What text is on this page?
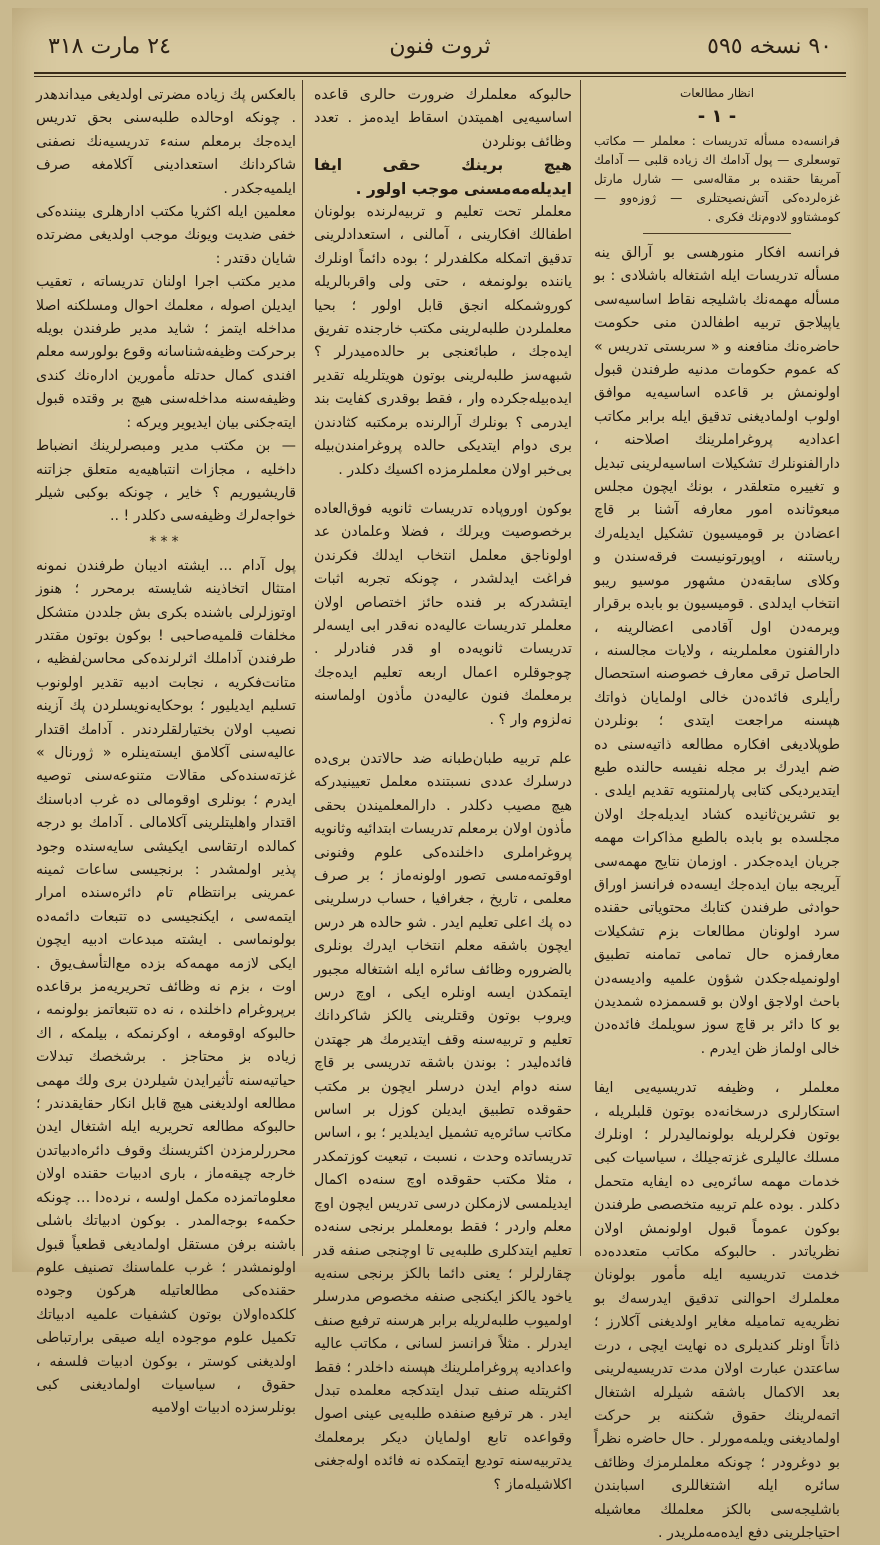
٩٠ نسخه ٥٩٥
ثروت فنون
٢٤ مارت ٣١٨

انظار مطالعات

- ١ -

فرانسه‌ده مسأله تدریسات : معلملر — مکاتب توسعلری — پول آدامك اك زیاده قلبی — آدامك آمریقا حقنده بر مقاله‌سی — شارل مارتل غزه‌لرده‌کی آتش‌نصیحتلری — ژوزه‌وو — کومشتاوو لادوم‌نك فکری .

فرانسه افکار منورهسی بو آرالق ینه مسأله تدریسات ایله اشتغاله باشلادی : بو مسأله مهمه‌نك باشلیجه نقاط اساسیه‌سی یاپیلاجق تربیه اطفالدن منی حکومت حاضره‌نك منافعنه و « سربستی تدریس » که عموم حکومات مدنیه طرفندن قبول اولونمش بر قاعده اساسیه‌یه موافق اولوب اولمادیغنی تدقیق ایله برابر مکاتب اعدادیه پروغراملرینك اصلاحنه ، دارالفنونلرك تشکیلات اساسیه‌لرینی تبدیل و تغییره متعلقدر ، بونك ایچون مجلس مبعوثانده امور معارفه آشنا بر قاچ اعضادن بر قومیسیون تشکیل ایدیله‌رك ریاستنه ، اوپورتونیست فرقه‌سندن و وکلای سابقه‌دن مشهور موسیو ریبو انتخاب ایدلدی . قومیسیون بو بابده برقرار ویرمه‌دن اول آقادمی اعضالرینه ، دارالفنون معلملرینه ، ولایات مجالسنه ، الحاصل ترقی معارف خصوصنه استحصال رأیلری فائده‌دن خالی اولمایان ذواتك هپسنه مراجعت ایتدی ؛ بونلردن طوپلادیغی افکاره مطالعه ذاتیه‌سنی ده ضم ایدرك بر مجله نفیسه حالنده طبع ایتدیردیکی کتابی پارلمنتویه تقدیم ایلدی . بو تشرین‌ثانیده کشاد ایدیله‌جك اولان مجلسده بو بابده بالطبع مذاکرات مهمه جریان ایده‌جکدر . اوزمان نتایج مهمه‌سی آیریجه بیان ایده‌جك ایسه‌ده فرانسز اوراق حوادثی طرفندن کتابك محتویاتی حقنده سرد اولونان مطالعات بزم تشکیلات معارفمزه حال تمامی تمامنه تطبیق اولونمیله‌جکدن شؤون علمیه وادیسه‌دن باحث اولاجق اولان بو قسممزده شمدیدن بو کا دائر بر قاچ سوز سویلمك فائده‌دن خالی اولماز ظن ایدرم .

معلملر ، وظیفه تدریسیه‌یی ایفا استکارلری درسخانه‌ده بوتون قلبلریله ، بوتون فکرلریله بولونمالیدرلر ؛ اونلرك مسلك عالیلری غزته‌جیلك ، سیاسیات کبی خدمات مهمه سائره‌یی ده ایفایه متحمل دکلدر . بوده علم تربیه متخصصی طرفندن بوکون عموماً قبول اولونمش اولان نظریاتدر . حالبوکه مکاتب متعدده‌ده خدمت تدریسیه ایله مأمور بولونان معلملرك احوالنی تدقیق ایدرسه‌ك بو نظریه‌یه تمامیله مغایر اولدیغنی آکلارز ؛ ذاتاً اونلر کندیلری ده نهایت ایچی ، درت ساعتدن عبارت اولان مدت تدریسیه‌لرینی بعد الاکمال باشقه شیلرله اشتغال اتمه‌لرینك حقوق شکننه بر حرکت اولمادیغنی ویلمه‌مورلر . حال حاضره نظراً بو دوغرودر ؛ چونکه معلملرمزك وظائف سائره ایله اشتغاللری اسبابندن باشلیجه‌سی بالکز معلملك معاشیله احتیاجلرینی دفع ایده‌مه‌ملریدر .

حالبوکه معلملرك ضرورت حالری قاعده اساسیه‌یی اهمیتدن اسقاط ایده‌مز . تعدد وظائف بونلردن

هیچ برینك حقی ایفا ایدیله‌مه‌مسنی موجب اولور .

معلملر تحت تعلیم و تربیه‌لرنده بولونان اطفالك افکارینی ، آمالنی ، استعدادلرینی تدقیق اتمکله مکلفدرلر ؛ بوده دائماً اونلرك یاننده بولونمغه ، حتی ولی واقربالریله کوروشمکله انجق قابل اولور ؛ بحیا معلملردن طلبه‌لرینی مکتب خارجنده تفریق ایده‌جك ، طبائعنجی بر حالده‌میدرلر ؟ شبهه‌سز طلبه‌لرینی بوتون هویتلریله تقدیر ایده‌بیله‌جکرده وار ، فقط بوقدری کفایت بند ایدرمی ؟ بونلرك آرالرنده برمکتبه کثادندن بری دوام ایتدیکی حالده پروغرامندن‌بیله بی‌خبر اولان معلملرمزده اکسیك دکلدر .

بوکون اوروپاده تدریسات ثانویه فوق‌العاده برخصوصیت ویرلك ، فضلا وعلمادن عد اولوناجق معلمل انتخاب ایدلك فکرندن فراغت ایدلشدر ، چونکه تجربه اثبات ایتشدرکه بر فنده حائز اختصاص اولان معلملر تدریسات عالیه‌ده نه‌قدر ابی ایسه‌لر تدریسات ثانویه‌ده او قدر فنادرلر . چوجوقلره اعمال اربعه تعلیم ایده‌جك برمعلمك فنون عالیه‌دن مأذون اولماسنه نه‌لزوم وار ؟ .

علم تربیه طبان‌طبانه ضد حالاتدن بری‌ده درسلرك عددی نسبتنده معلمل تعیینیدرکه هیچ مصیب دکلدر . دارالمعلمیندن بحقی مأذون اولان برمعلم تدریسات ابتدائیه وثانویه پروغراملری داخلنده‌کی علوم وفنونی اوقوتمه‌مسی تصور اولونه‌ماز ؛ بر صرف معلمی ، تاریخ ، جغرافیا ، حساب درسلرینی ده پك اعلی تعلیم ایدر . شو حالده هر درس ایچون باشقه معلم انتخاب ایدرك بونلری بالضروره وظائف سائره ایله اشتغاله مجبور ایتمکدن ایسه اونلره ایکی ، اوچ درس ویروب بوتون وقتلرینی یالکز شاکردانك تعلیم و تربیه‌سنه وقف ایتدیرمك هر جهتدن فائده‌لیدر : بوندن باشقه تدریسی بر قاچ سنه دوام ایدن درسلر ایچون بر مکتب حقوقده تطبیق ایدیلن کوزل بر اساس مکاتب سائره‌یه تشمیل ایدیلدیر ؛ بو ، اساس تدریساتده وحدت ، نسبت ، تبعیت کوزتمکدر ، مثلا مکتب حقوقده اوچ سنه‌ده اکمال ایدیلمسی لازمکلن درسی تدریس ایچون اوچ معلم واردر ؛ فقط بومعلملر برنجی سنه‌ده تعلیم ایتدکلری طلبه‌یی تا اوچنجی صنفه قدر چقارلرلر ؛ یعنی دائما بالکز برنجی سنه‌یه یاخود یالکز ایکنجی صنفه مخصوص مدرسلر اولمیوب طلبه‌لریله برابر هرسنه ترفیع صنف ایدرلر . مثلاً فرانسز لسانی ، مکاتب عالیه واعدادیه پروغراملرینك هپسنه داخلدر ؛ فقط اکثریتله صنف تبدل ایتدکجه معلمده تبدل ایدر . هر ترفیع صنفده طلبه‌یی عینی اصول وقواعده تابع اولمایان دیکر برمعلمك یدتربیه‌سنه تودیع ایتمکده نه فائده اوله‌جغنی اکلاشیله‌ماز ؟

بالعکس پك زیاده مضرتی اولدیغی میداندهدر . چونکه اوحالده طلبه‌سنی بحق تدریس ایده‌جك برمعلم سنه‌ء تدریسیه‌نك نصفنی شاکردانك استعدادینی آکلامغه صرف ایلمیه‌جکدر .

معلمین ایله اکثریا مکتب ادارهلری بیننده‌کی خفی ضدیت ویونك موجب اولدیغی مضرتده شایان دقتدر :

مدیر مکتب اجرا اولنان تدریساته ، تعقیب ایدیلن اصوله ، معلمك احوال ومسلکنه اصلا مداخله ایتمز ؛ شاید مدیر طرفندن بویله برحرکت وظیفه‌شناسانه وقوع بولورسه معلم افندی کمال حدتله مأمورین اداره‌نك کندی وظیفه‌سنه مداخله‌سنی هیچ بر وقتده قبول ایته‌جکنی بیان ایدیویر ویرکه :

— بن مکتب مدیر ومبصرلرینك انضباط داخلیه ، مجازات انتباهیه‌یه متعلق جزاتنه قاریشیوریم ؟ خایر ، چونکه بوکبی شیلر خواجه‌لرك وظیفه‌سی دکلدر ! ..

***

پول آدام ... ایشته ادیبان طرفندن نمونه امتثال اتخاذینه شایسته برمحرر ؛ هنوز اوتوزلرلی باشنده بکری بش جلددن متشکل مخلفات قلمیه‌صاحبی ! بوکون بوتون مقتدر طرفندن آداملك اثرلرنده‌کی محاسن‌لفظیه ، متانت‌فکریه ، نجابت ادبیه تقدیر اولونوب تسلیم ایدیلیور ؛ بوحکایه‌نویسلردن پك آزینه نصیب اولان بختیارلقلردندر . آدامك اقتدار عالیه‌سنی آکلامق ایسته‌ینلره « ژورنال » غزته‌سنده‌کی مقالات متنوعه‌سنی توصیه ایدرم ؛ بونلری اوقومالی ده غرب ادباسنك اقتدار واهلیتلرینی آکلامالی . آدامك بو درجه کمالده ارتقاسی ایکیشی سایه‌سنده وجود پذیر اولمشدر : برنجیسی ساعات ثمینه عمرینی برانتظام تام دائره‌سنده امرار ایتمه‌سی ، ایکنجیسی ده تتبعات دائمه‌ده بولونماسی . ایشته مبدعات ادبیه ایچون ایکی لازمه مهمه‌که بزده مع‌التأسف‌یوق . اوت ، بزم نه وظائف تحریریه‌مز برقاعده برپروغرام داخلنده‌ ، نه ده تتبعاتمز بولونمه‌ ، حالبوکه اوقومغه ، اوکرنمکه ، بیلمکه ، اك زیاده بز محتاجز . برشخصك تبدلات حیاتیه‌سنه تأثیرایدن شیلردن بری ولك مهمی مطالعه اولدیغنی هیچ قابل انکار حقایقدندر ؛ حالبوکه مطالعه تحریریه ایله اشتغال ایدن محررلرمزدن اکثریسنك وقوف دائره‌ادبیاتدن خارجه چیقه‌ماز ، باری ادبیات حقنده اولان معلوماتمزده مکمل اولسه ، نرده‌دا … چونکه حکمهء بوجه‌المدر . بوکون ادبیاتك باشلی باشنه برفن مستقل اولمادیغی قطعیاً قبول اولونمشدر ؛ غرب علماسنك تصنیف علوم حقنده‌کی مطالعاتیله هرکون وجوده کلکده‌اولان بوتون کشفیات علمیه ادبیاتك تکمیل علوم موجوده ایله صیقی برارتباطی اولدیغنی کوستر ، بوکون ادبیات فلسفه ، حقوق ، سیاسیات اولمادیغنی کبی بونلرسزده ادبیات اولامیه
